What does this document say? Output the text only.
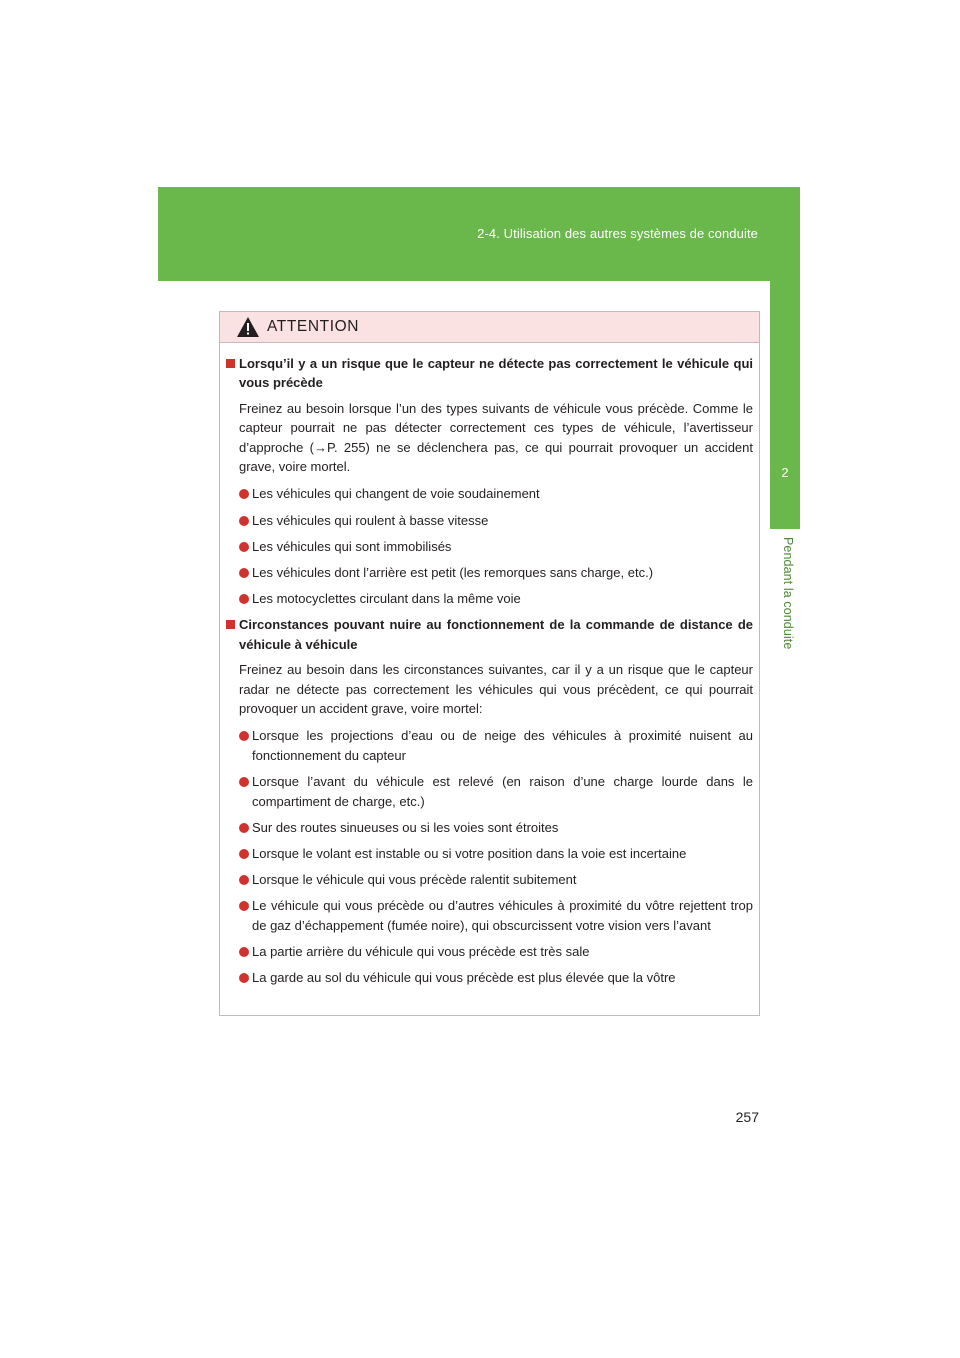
2-4. Utilisation des autres systèmes de conduite
2
Pendant la conduite
ATTENTION
Lorsqu’il y a un risque que le capteur ne détecte pas correctement le véhicule qui vous précède
Freinez au besoin lorsque l’un des types suivants de véhicule vous précède. Comme le capteur pourrait ne pas détecter correctement ces types de véhicule, l’avertisseur d’approche (→P. 255) ne se déclenchera pas, ce qui pourrait provoquer un accident grave, voire mortel.
Les véhicules qui changent de voie soudainement
Les véhicules qui roulent à basse vitesse
Les véhicules qui sont immobilisés
Les véhicules dont l’arrière est petit (les remorques sans charge, etc.)
Les motocyclettes circulant dans la même voie
Circonstances pouvant nuire au fonctionnement de la commande de distance de véhicule à véhicule
Freinez au besoin dans les circonstances suivantes, car il y a un risque que le capteur radar ne détecte pas correctement les véhicules qui vous précèdent, ce qui pourrait provoquer un accident grave, voire mortel:
Lorsque les projections d’eau ou de neige des véhicules à proximité nuisent au fonctionnement du capteur
Lorsque l’avant du véhicule est relevé (en raison d’une charge lourde dans le compartiment de charge, etc.)
Sur des routes sinueuses ou si les voies sont étroites
Lorsque le volant est instable ou si votre position dans la voie est incertaine
Lorsque le véhicule qui vous précède ralentit subitement
Le véhicule qui vous précède ou d’autres véhicules à proximité du vôtre rejettent trop de gaz d’échappement (fumée noire), qui obscurcissent votre vision vers l’avant
La partie arrière du véhicule qui vous précède est très sale
La garde au sol du véhicule qui vous précède est plus élevée que la vôtre
257
